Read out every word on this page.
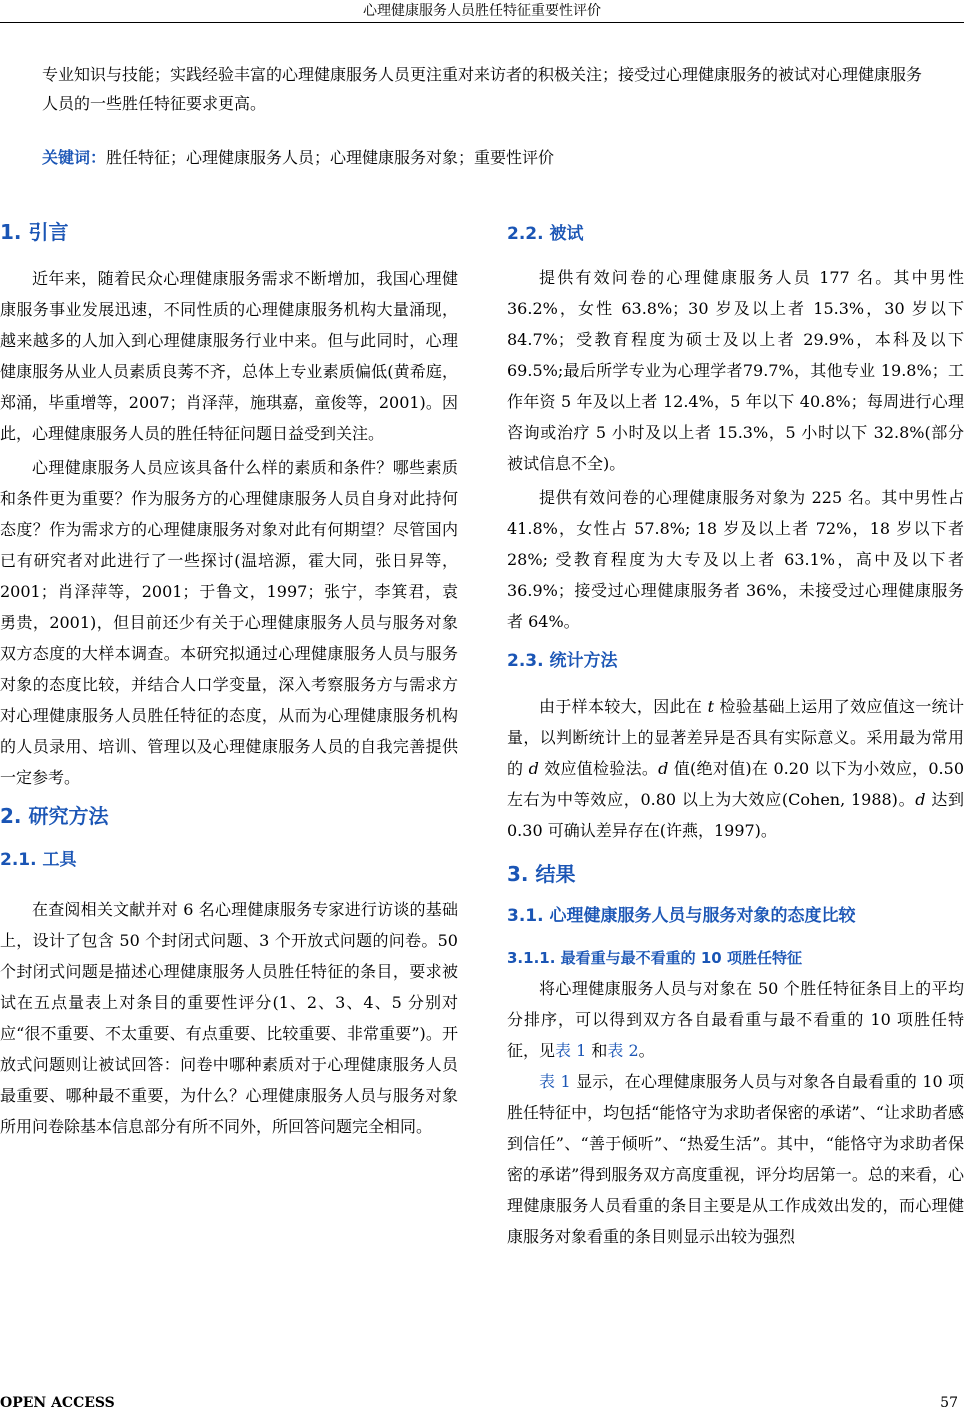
心理健康服务人员胜任特征重要性评价

专业知识与技能；实践经验丰富的心理健康服务人员更注重对来访者的积极关注；接受过心理健康服务的被试对心理健康服务人员的一些胜任特征要求更高。

关键词：胜任特征；心理健康服务人员；心理健康服务对象；重要性评价

1. 引言

近年来，随着民众心理健康服务需求不断增加，我国心理健康服务事业发展迅速，不同性质的心理健康服务机构大量涌现，越来越多的人加入到心理健康服务行业中来。但与此同时，心理健康服务从业人员素质良莠不齐，总体上专业素质偏低(黄希庭，郑涌，毕重增等，2007；肖泽萍，施琪嘉，童俊等，2001)。因此，心理健康服务人员的胜任特征问题日益受到关注。

心理健康服务人员应该具备什么样的素质和条件？哪些素质和条件更为重要？作为服务方的心理健康服务人员自身对此持何态度？作为需求方的心理健康服务对象对此有何期望？尽管国内已有研究者对此进行了一些探讨(温培源，霍大同，张日昇等，2001；肖泽萍等，2001；于鲁文，1997；张宁，李箕君，袁勇贵，2001)，但目前还少有关于心理健康服务人员与服务对象双方态度的大样本调查。本研究拟通过心理健康服务人员与服务对象的态度比较，并结合人口学变量，深入考察服务方与需求方对心理健康服务人员胜任特征的态度，从而为心理健康服务机构的人员录用、培训、管理以及心理健康服务人员的自我完善提供一定参考。

2. 研究方法
2.1. 工具

在查阅相关文献并对 6 名心理健康服务专家进行访谈的基础上，设计了包含 50 个封闭式问题、3 个开放式问题的问卷。50 个封闭式问题是描述心理健康服务人员胜任特征的条目，要求被试在五点量表上对条目的重要性评分(1、2、3、4、5 分别对应“很不重要、不太重要、有点重要、比较重要、非常重要”)。开放式问题则让被试回答：问卷中哪种素质对于心理健康服务人员最重要、哪种最不重要，为什么？心理健康服务人员与服务对象所用问卷除基本信息部分有所不同外，所回答问题完全相同。

2.2. 被试

提供有效问卷的心理健康服务人员 177 名。其中男性 36.2%，女性 63.8%；30 岁及以上者 15.3%，30 岁以下 84.7%；受教育程度为硕士及以上者 29.9%，本科及以下69.5%;最后所学专业为心理学者79.7%，其他专业 19.8%；工作年资 5 年及以上者 12.4%，5 年以下 40.8%；每周进行心理咨询或治疗 5 小时及以上者 15.3%，5 小时以下 32.8%(部分被试信息不全)。

提供有效问卷的心理健康服务对象为 225 名。其中男性占 41.8%，女性占 57.8%; 18 岁及以上者 72%，18 岁以下者 28%; 受教育程度为大专及以上者 63.1%，高中及以下者 36.9%；接受过心理健康服务者 36%，未接受过心理健康服务者 64%。

2.3. 统计方法

由于样本较大，因此在 t 检验基础上运用了效应值这一统计量，以判断统计上的显著差异是否具有实际意义。采用最为常用的 d 效应值检验法。d 值(绝对值)在 0.20 以下为小效应，0.50 左右为中等效应，0.80 以上为大效应(Cohen, 1988)。d 达到 0.30 可确认差异存在(许燕，1997)。

3. 结果
3.1. 心理健康服务人员与服务对象的态度比较
3.1.1. 最看重与最不看重的 10 项胜任特征

将心理健康服务人员与对象在 50 个胜任特征条目上的平均分排序，可以得到双方各自最看重与最不看重的 10 项胜任特征，见表 1 和表 2。

表 1 显示，在心理健康服务人员与对象各自最看重的 10 项胜任特征中，均包括“能恪守为求助者保密的承诺”、“让求助者感到信任”、“善于倾听”、“热爱生活”。其中，“能恪守为求助者保密的承诺”得到服务双方高度重视，评分均居第一。总的来看，心理健康服务人员看重的条目主要是从工作成效出发的，而心理健康服务对象看重的条目则显示出较为强烈

OPEN ACCESS	57
